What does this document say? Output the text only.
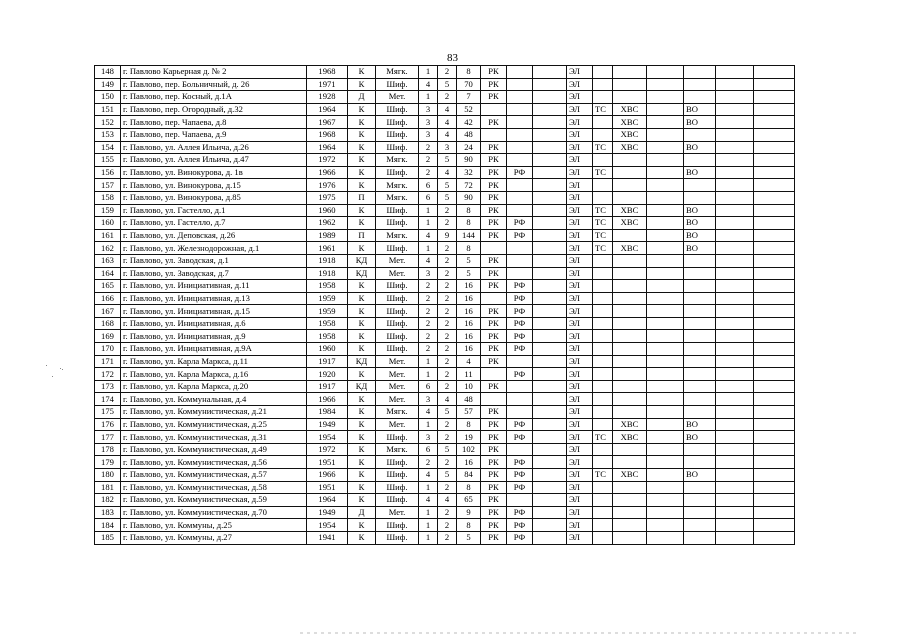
83
148	г. Павлово Карьерная д. № 2	1968	К	Мягк.	1	2	8	РК			ЭЛ						
149	г. Павлово, пер. Больничный, д. 26	1971	К	Шиф.	4	5	70	РК			ЭЛ						
150	г. Павлово, пер. Косный, д.1А	1928	Д	Мет.	1	2	7	РК			ЭЛ						
151	г. Павлово, пер. Огородный, д.32	1964	К	Шиф.	3	4	52				ЭЛ	ТС	ХВС		ВО		
152	г. Павлово, пер. Чапаева, д.8	1967	К	Шиф.	3	4	42	РК			ЭЛ		ХВС		ВО		
153	г. Павлово, пер. Чапаева, д.9	1968	К	Шиф.	3	4	48				ЭЛ		ХВС				
154	г. Павлово, ул. Аллея Ильича, д.26	1964	К	Шиф.	2	3	24	РК			ЭЛ	ТС	ХВС		ВО		
155	г. Павлово, ул. Аллея Ильича, д.47	1972	К	Мягк.	2	5	90	РК			ЭЛ						
156	г. Павлово, ул. Винокурова, д. 1в	1966	К	Шиф.	2	4	32	РК	РФ		ЭЛ	ТС			ВО		
157	г. Павлово, ул. Винокурова, д.15	1976	К	Мягк.	6	5	72	РК			ЭЛ						
158	г. Павлово, ул. Винокурова, д.85	1975	П	Мягк.	6	5	90	РК			ЭЛ						
159	г. Павлово, ул. Гастелло, д.1	1960	К	Шиф.	1	2	8	РК			ЭЛ	ТС	ХВС		ВО		
160	г. Павлово, ул. Гастелло, д.7	1962	К	Шиф.	1	2	8	РК	РФ		ЭЛ	ТС	ХВС		ВО		
161	г. Павлово, ул. Деповская, д.26	1989	П	Мягк.	4	9	144	РК	РФ		ЭЛ	ТС			ВО		
162	г. Павлово, ул. Железнодорожная, д.1	1961	К	Шиф.	1	2	8				ЭЛ	ТС	ХВС		ВО		
163	г. Павлово, ул. Заводская, д.1	1918	КД	Мет.	4	2	5	РК			ЭЛ						
164	г. Павлово, ул. Заводская, д.7	1918	КД	Мет.	3	2	5	РК			ЭЛ						
165	г. Павлово, ул. Инициативная, д.11	1958	К	Шиф.	2	2	16	РК	РФ		ЭЛ						
166	г. Павлово, ул. Инициативная, д.13	1959	К	Шиф.	2	2	16		РФ		ЭЛ						
167	г. Павлово, ул. Инициативная, д.15	1959	К	Шиф.	2	2	16	РК	РФ		ЭЛ						
168	г. Павлово, ул. Инициативная, д.6	1958	К	Шиф.	2	2	16	РК	РФ		ЭЛ						
169	г. Павлово, ул. Инициативная, д.9	1958	К	Шиф.	2	2	16	РК	РФ		ЭЛ						
170	г. Павлово, ул. Инициативная, д.9А	1960	К	Шиф.	2	2	16	РК	РФ		ЭЛ						
171	г. Павлово, ул. Карла Маркса, д.11	1917	КД	Мет.	1	2	4	РК			ЭЛ						
172	г. Павлово, ул. Карла Маркса, д.16	1920	К	Мет.	1	2	11		РФ		ЭЛ						
173	г. Павлово, ул. Карла Маркса, д.20	1917	КД	Мет.	6	2	10	РК			ЭЛ						
174	г. Павлово, ул. Коммунальная, д.4	1966	К	Мет.	3	4	48				ЭЛ						
175	г. Павлово, ул. Коммунистическая, д.21	1984	К	Мягк.	4	5	57	РК			ЭЛ						
176	г. Павлово, ул. Коммунистическая, д.25	1949	К	Мет.	1	2	8	РК	РФ		ЭЛ		ХВС		ВО		
177	г. Павлово, ул. Коммунистическая, д.31	1954	К	Шиф.	3	2	19	РК	РФ		ЭЛ	ТС	ХВС		ВО		
178	г. Павлово, ул. Коммунистическая, д.49	1972	К	Мягк.	6	5	102	РК			ЭЛ						
179	г. Павлово, ул. Коммунистическая, д.56	1951	К	Шиф.	2	2	16	РК	РФ		ЭЛ						
180	г. Павлово, ул. Коммунистическая, д.57	1966	К	Шиф.	4	5	84	РК	РФ		ЭЛ	ТС	ХВС		ВО		
181	г. Павлово, ул. Коммунистическая, д.58	1951	К	Шиф.	1	2	8	РК	РФ		ЭЛ						
182	г. Павлово, ул. Коммунистическая, д.59	1964	К	Шиф.	4	4	65	РК			ЭЛ						
183	г. Павлово, ул. Коммунистическая, д.70	1949	Д	Мет.	1	2	9	РК	РФ		ЭЛ						
184	г. Павлово, ул. Коммуны, д.25	1954	К	Шиф.	1	2	8	РК	РФ		ЭЛ						
185	г. Павлово, ул. Коммуны, д.27	1941	К	Шиф.	1	2	5	РК	РФ		ЭЛ						
